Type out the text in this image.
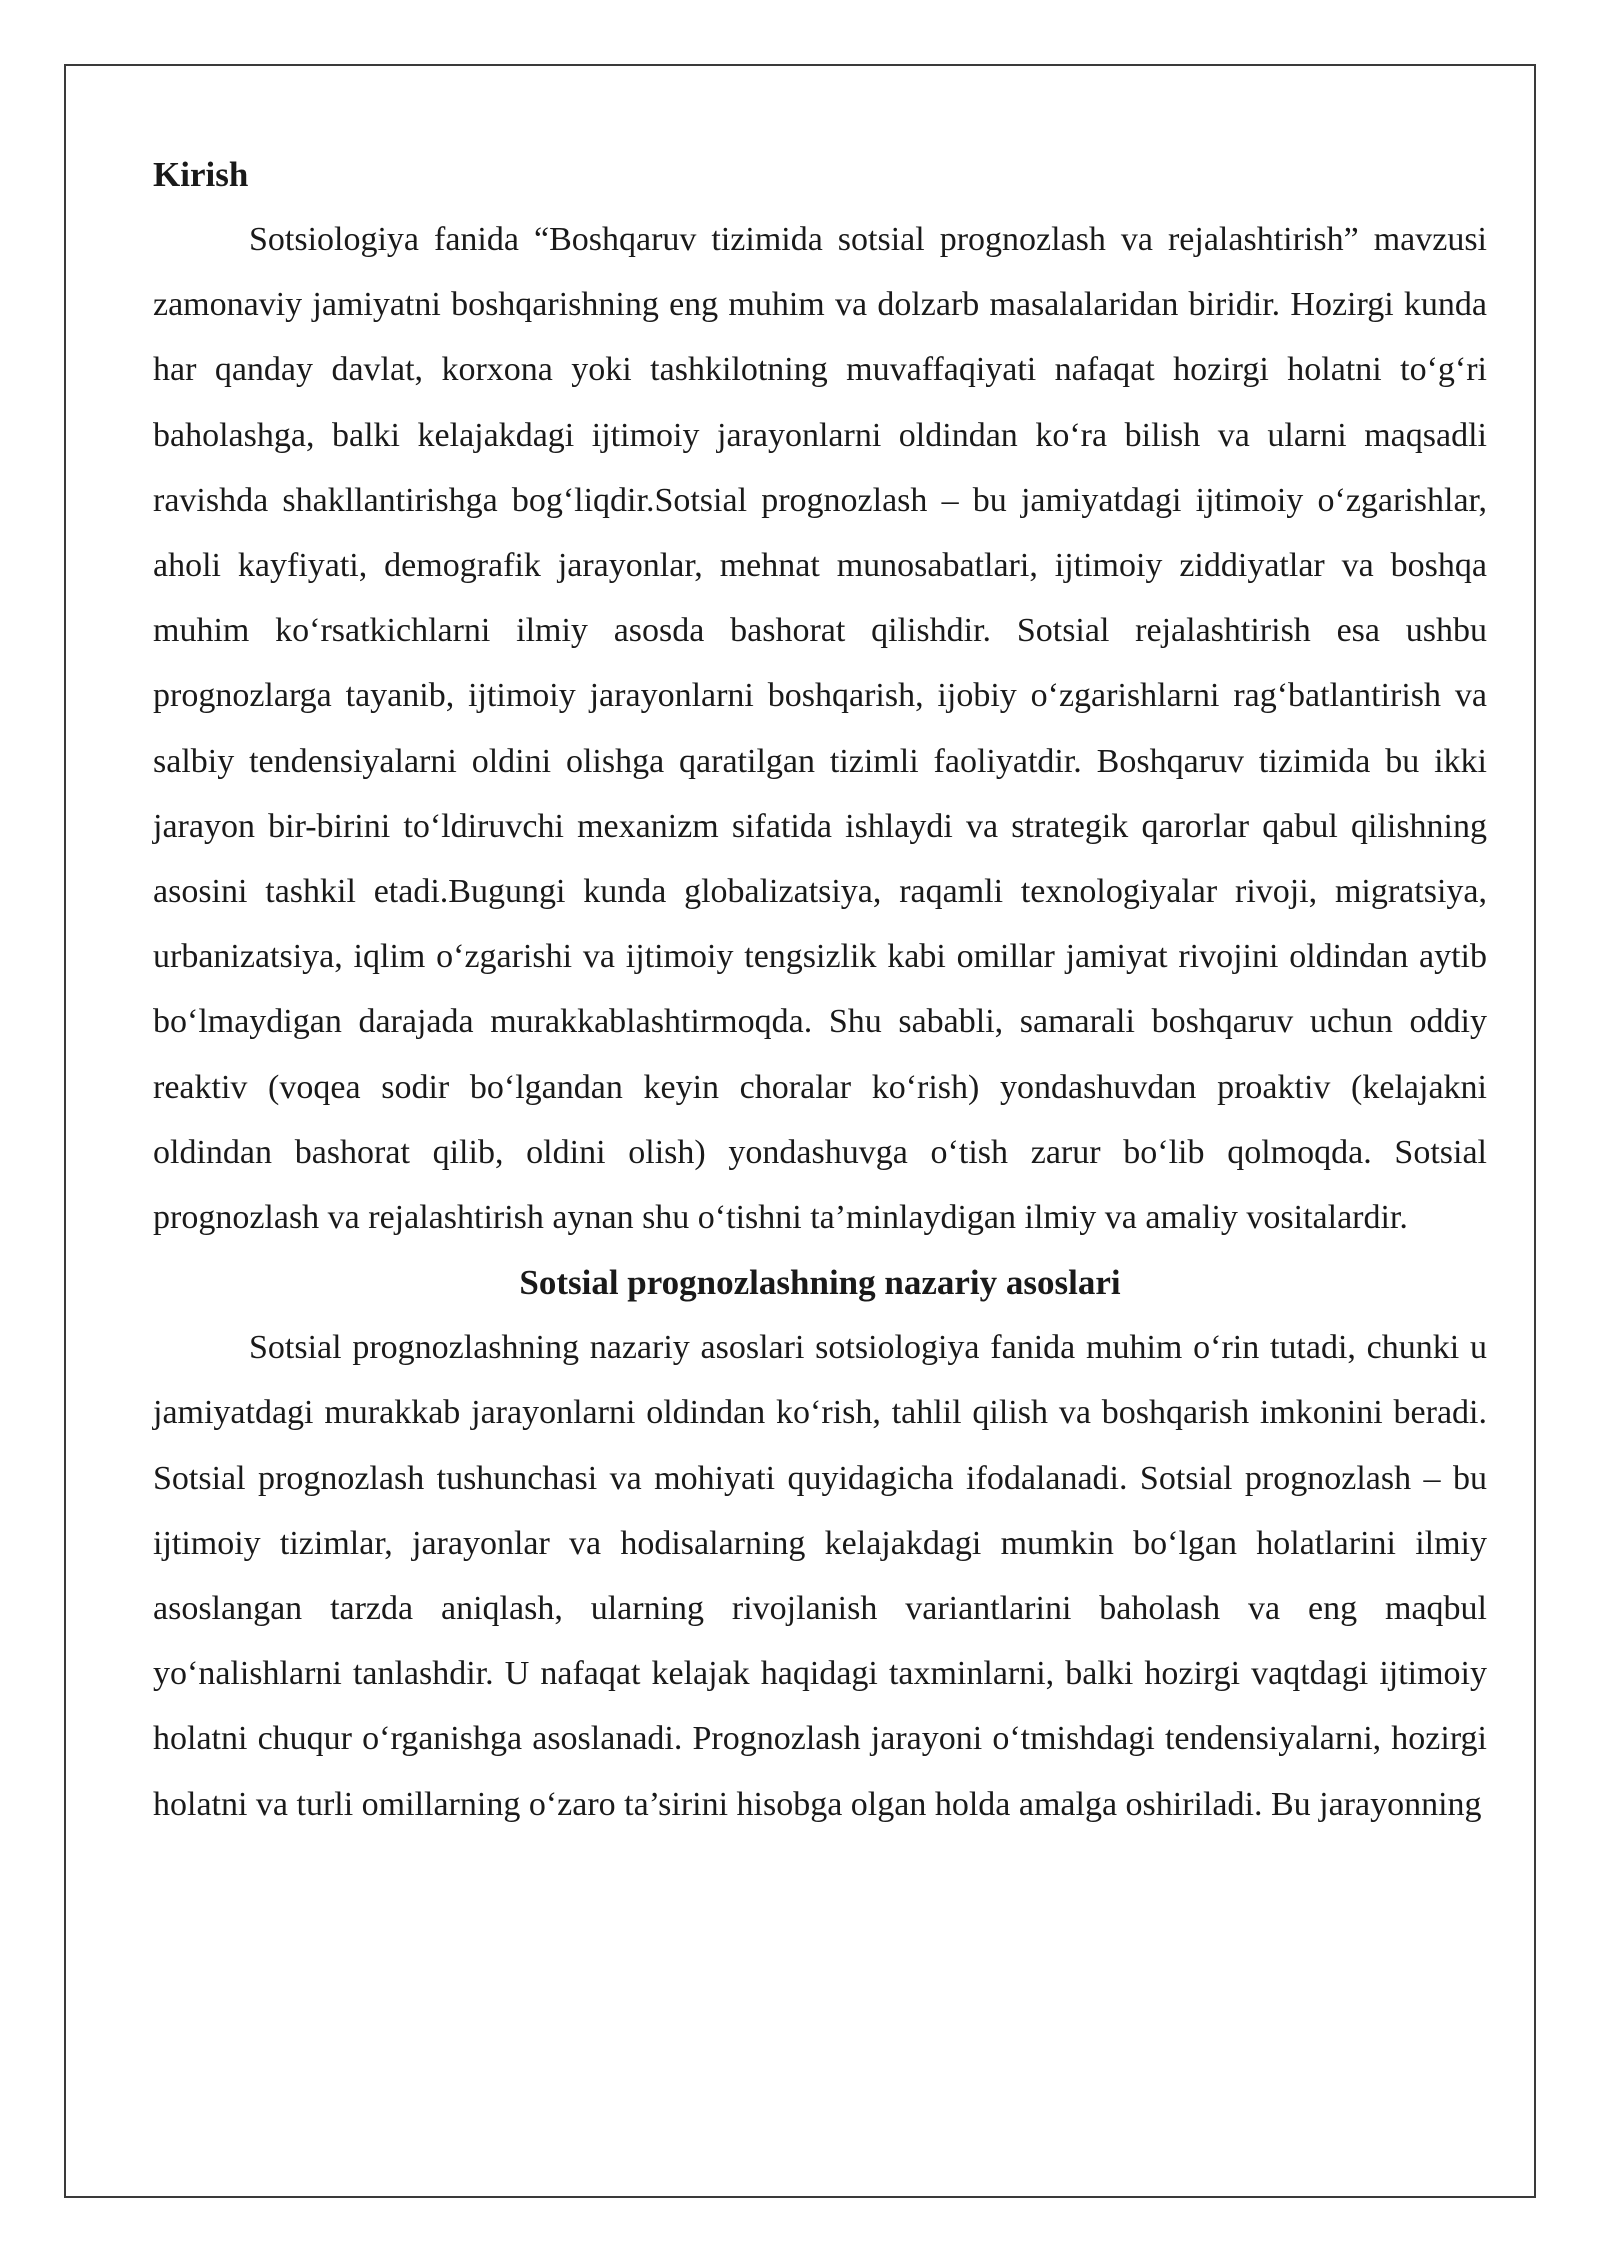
Kirish

Sotsiologiya fanida “Boshqaruv tizimida sotsial prognozlash va rejalashtirish” mavzusi zamonaviy jamiyatni boshqarishning eng muhim va dolzarb masalalaridan biridir. Hozirgi kunda har qanday davlat, korxona yoki tashkilotning muvaffaqiyati nafaqat hozirgi holatni to‘g‘ri baholashga, balki kelajakdagi ijtimoiy jarayonlarni oldindan ko‘ra bilish va ularni maqsadli ravishda shakllantirishga bog‘liqdir.Sotsial prognozlash – bu jamiyatdagi ijtimoiy o‘zgarishlar, aholi kayfiyati, demografik jarayonlar, mehnat munosabatlari, ijtimoiy ziddiyatlar va boshqa muhim ko‘rsatkichlarni ilmiy asosda bashorat qilishdir. Sotsial rejalashtirish esa ushbu prognozlarga tayanib, ijtimoiy jarayonlarni boshqarish, ijobiy o‘zgarishlarni rag‘batlantirish va salbiy tendensiyalarni oldini olishga qaratilgan tizimli faoliyatdir. Boshqaruv tizimida bu ikki jarayon bir-birini to‘ldiruvchi mexanizm sifatida ishlaydi va strategik qarorlar qabul qilishning asosini tashkil etadi.Bugungi kunda globalizatsiya, raqamli texnologiyalar rivoji, migratsiya, urbanizatsiya, iqlim o‘zgarishi va ijtimoiy tengsizlik kabi omillar jamiyat rivojini oldindan aytib bo‘lmaydigan darajada murakkablashtirmoqda. Shu sababli, samarali boshqaruv uchun oddiy reaktiv (voqea sodir bo‘lgandan keyin choralar ko‘rish) yondashuvdan proaktiv (kelajakni oldindan bashorat qilib, oldini olish) yondashuvga o‘tish zarur bo‘lib qolmoqda. Sotsial prognozlash va rejalashtirish aynan shu o‘tishni ta’minlaydigan ilmiy va amaliy vositalardir.

Sotsial prognozlashning nazariy asoslari

Sotsial prognozlashning nazariy asoslari sotsiologiya fanida muhim o‘rin tutadi, chunki u jamiyatdagi murakkab jarayonlarni oldindan ko‘rish, tahlil qilish va boshqarish imkonini beradi. Sotsial prognozlash tushunchasi va mohiyati quyidagicha ifodalanadi. Sotsial prognozlash – bu ijtimoiy tizimlar, jarayonlar va hodisalarning kelajakdagi mumkin bo‘lgan holatlarini ilmiy asoslangan tarzda aniqlash, ularning rivojlanish variantlarini baholash va eng maqbul yo‘nalishlarni tanlashdir. U nafaqat kelajak haqidagi taxminlarni, balki hozirgi vaqtdagi ijtimoiy holatni chuqur o‘rganishga asoslanadi. Prognozlash jarayoni o‘tmishdagi tendensiyalarni, hozirgi holatni va turli omillarning o‘zaro ta’sirini hisobga olgan holda amalga oshiriladi. Bu jarayonning
